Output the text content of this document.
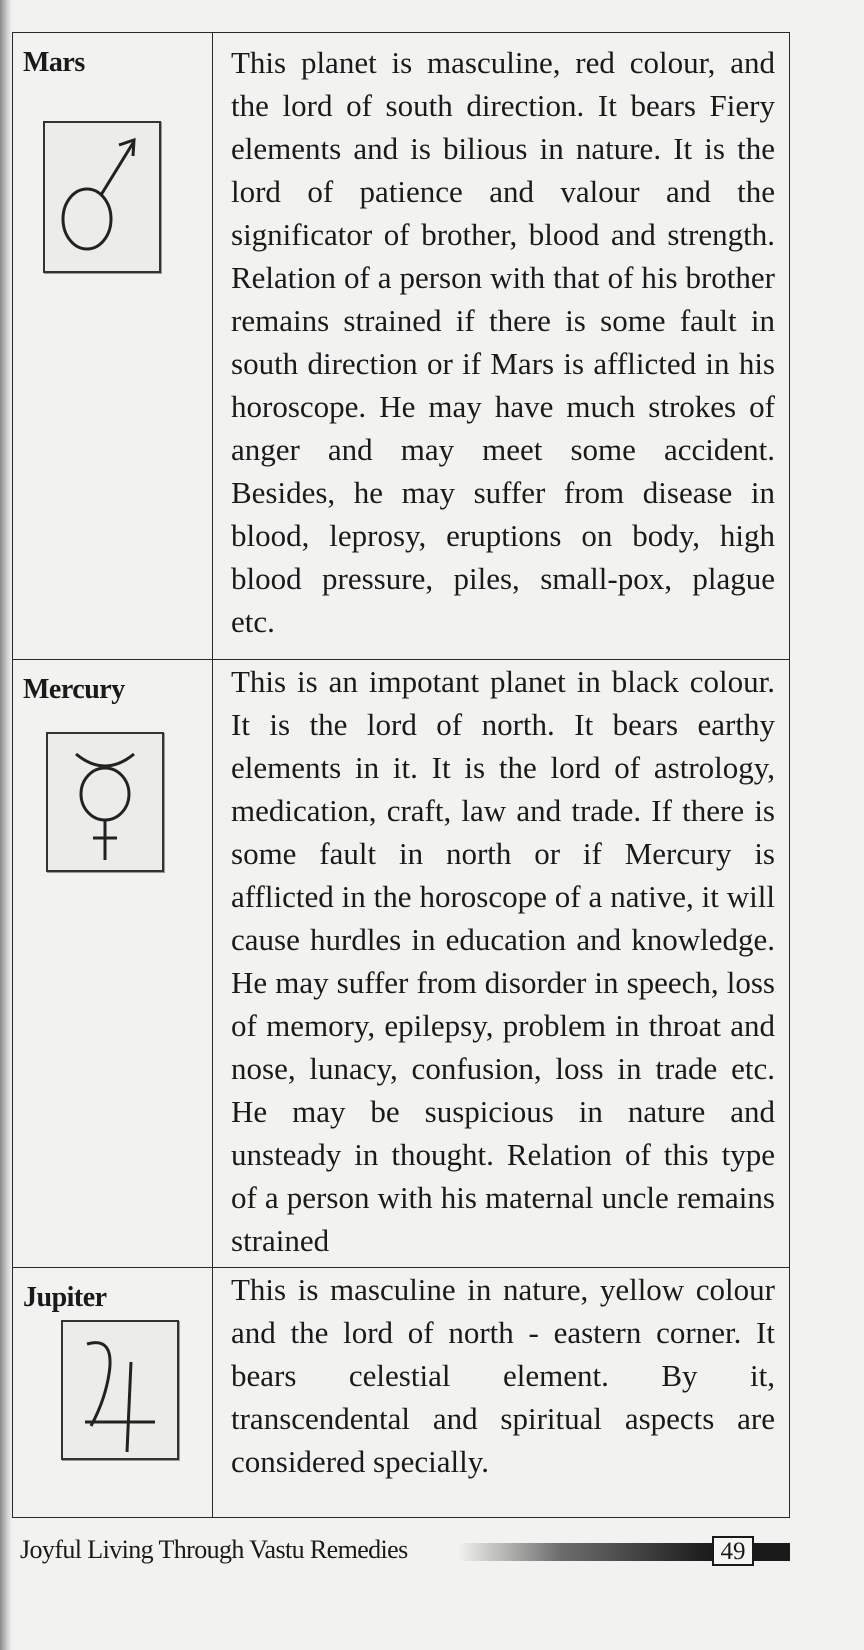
Mars	This planet is masculine, red colour, and the lord of south direction. It bears Fiery elements and is bilious in nature. It is the lord of patience and valour and the significator of brother, blood and strength. Relation of a person with that of his brother remains strained if there is some fault in south direction or if Mars is afflicted in his horoscope. He may have much strokes of anger and may meet some accident. Besides, he may suffer from disease in blood, leprosy, eruptions on body, high blood pressure, piles, small-pox, plague etc.

Mercury	This is an impotant planet in black colour. It is the lord of north. It bears earthy elements in it. It is the lord of astrology, medication, craft, law and trade. If there is some fault in north or if Mercury is afflicted in the horoscope of a native, it will cause hurdles in education and knowledge. He may suffer from disorder in speech, loss of memory, epilepsy, problem in throat and nose, lunacy, confusion, loss in trade etc. He may be suspicious in nature and unsteady in thought. Relation of this type of a person with his maternal uncle remains strained

Jupiter	This is masculine in nature, yellow colour and the lord of north - eastern corner. It bears celestial element. By it, transcendental and spiritual aspects are considered specially.

Joyful Living Through Vastu Remedies	49
